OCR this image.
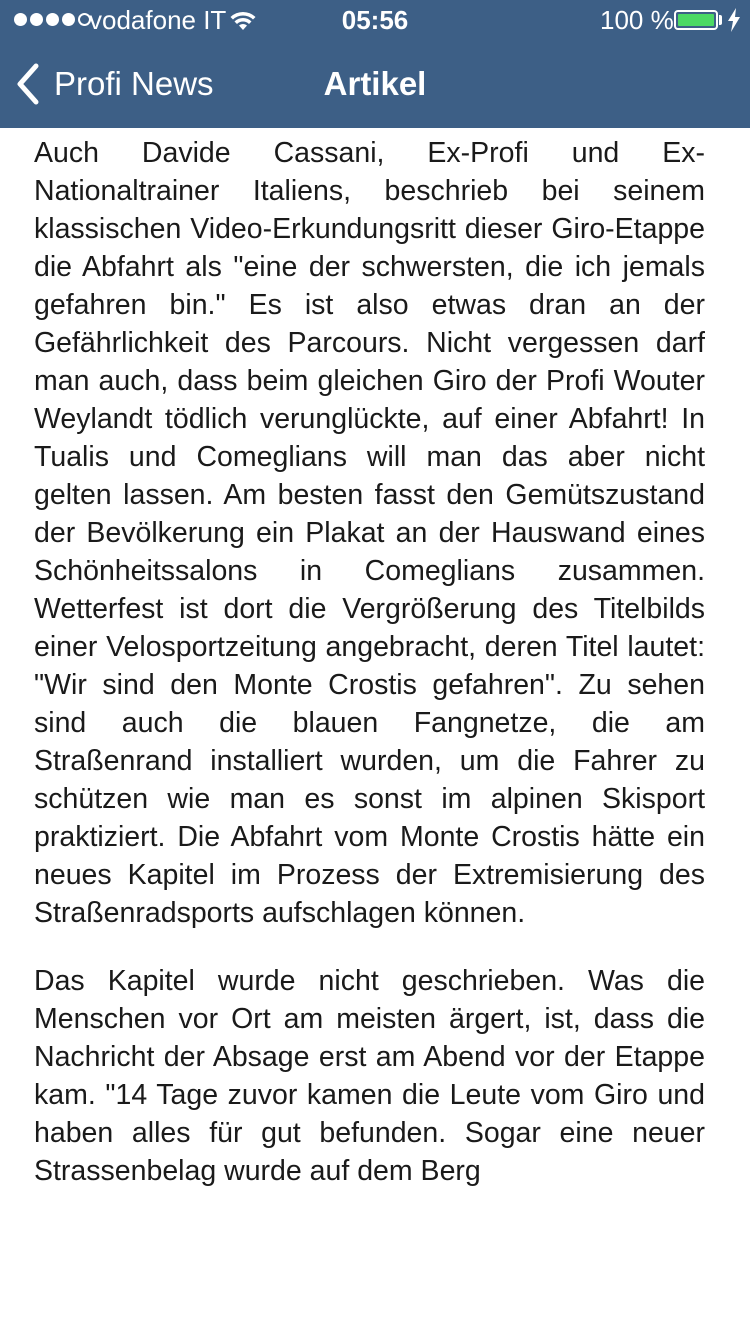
vodafone IT	05:56	100 %
Profi News	Artikel

Auch Davide Cassani, Ex-Profi und Ex-Nationaltrainer Italiens, beschrieb bei seinem klassischen Video-Erkundungsritt dieser Giro-Etappe die Abfahrt als "eine der schwersten, die ich jemals gefahren bin." Es ist also etwas dran an der Gefährlichkeit des Parcours. Nicht vergessen darf man auch, dass beim gleichen Giro der Profi Wouter Weylandt tödlich verunglückte, auf einer Abfahrt! In Tualis und Comeglians will man das aber nicht gelten lassen. Am besten fasst den Gemütszustand der Bevölkerung ein Plakat an der Hauswand eines Schönheitssalons in Comeglians zusammen. Wetterfest ist dort die Vergrößerung des Titelbilds einer Velosportzeitung angebracht, deren Titel lautet: "Wir sind den Monte Crostis gefahren". Zu sehen sind auch die blauen Fangnetze, die am Straßenrand installiert wurden, um die Fahrer zu schützen wie man es sonst im alpinen Skisport praktiziert. Die Abfahrt vom Monte Crostis hätte ein neues Kapitel im Prozess der Extremisierung des Straßenradsports aufschlagen können.

Das Kapitel wurde nicht geschrieben. Was die Menschen vor Ort am meisten ärgert, ist, dass die Nachricht der Absage erst am Abend vor der Etappe kam. "14 Tage zuvor kamen die Leute vom Giro und haben alles für gut befunden. Sogar eine neuer Strassenbelag wurde auf dem Berg
